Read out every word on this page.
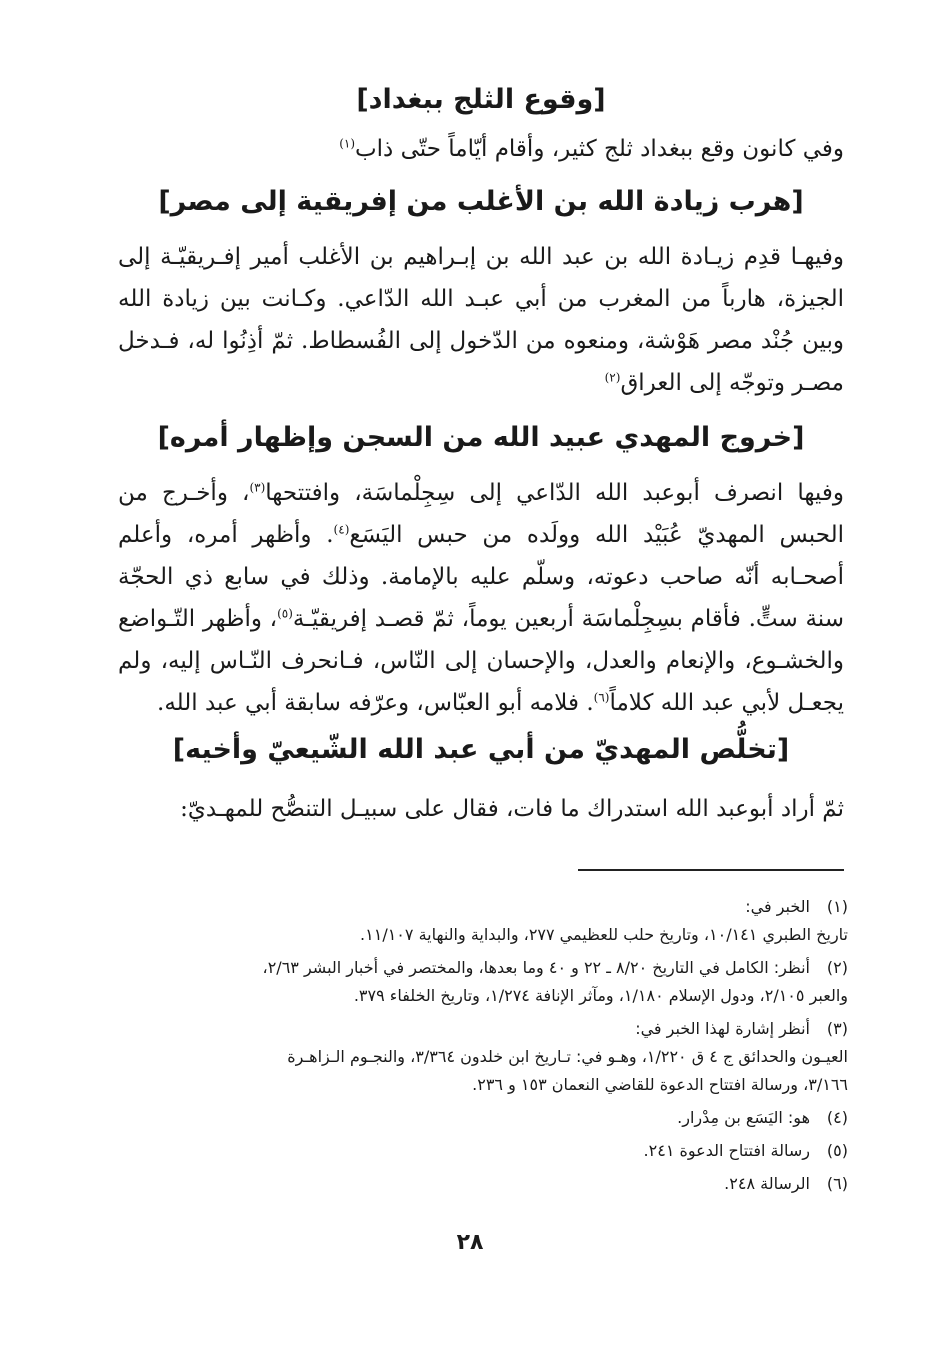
[وقوع الثلج ببغداد]

وفي كانون وقع ببغداد ثلج كثير، وأقام أيّاماً حتّى ذاب$^{(١)}$

[هرب زيادة الله بن الأغلب من إفريقية إلى مصر]

وفيهـا قدِم زيـادة الله بن عبد الله بن إبـراهيم بن الأغلب أمير إفـريقيّـة إلى الجيزة، هارباً من المغرب من أبي عبـد الله الدّاعي. وكـانت بين زيادة الله وبين جُنْد مصر هَوْشة، ومنعوه من الدّخول إلى الفُسطاط. ثمّ أذِنُوا له، فـدخل مصـر وتوجّه إلى العراق$^{(٢)}$

[خروج المهدي عبيد الله من السجن وإظهار أمره]

وفيها انصرف أبوعبد الله الدّاعي إلى سِجِلْماسَة، وافتتحها$^{(٣)}$، وأخـرج من الحبس المهديّ عُبَيْد الله وولَده من حبس اليَسَع$^{(٤)}$. وأظهر أمره، وأعلم أصحـابه أنّه صاحب دعوته، وسلّم عليه بالإمامة. وذلك في سابع ذي الحجّة سنة ستٍّ. فأقام بسِجِلْماسَة أربعين يوماً، ثمّ قصـد إفريقيّـة$^{(٥)}$، وأظهر التّـواضع والخشـوع، والإنعام والعدل، والإحسان إلى النّاس، فـانحرف النّـاس إليه، ولم يجعـل لأبي عبد الله كلاماً$^{(٦)}$. فلامه أبو العبّاس، وعرّفه سابقة أبي عبد الله.

[تخلُّص المهديّ من أبي عبد الله الشّيعيّ وأخيه]

ثمّ أراد أبوعبد الله استدراك ما فات، فقال على سبيـل التنصُّح للمهـديّ:

(١)
الخبر في:
تاريخ الطبري ١٠/١٤١، وتاريخ حلب للعظيمي ٢٧٧، والبداية والنهاية ١١/١٠٧.
(٢)
أنظر: الكامل في التاريخ ٨/٢٠ ـ ٢٢ و ٤٠ وما بعدها، والمختصر في أخبار البشر ٢/٦٣،
والعبر ٢/١٠٥، ودول الإسلام ١/١٨٠، ومآثر الإنافة ١/٢٧٤، وتاريخ الخلفاء ٣٧٩.
(٣)
أنظر إشارة لهذا الخبر في:
العيـون والحدائق ج ٤ ق ١/٢٢٠، وهـو في: تـاريخ ابن خلدون ٣/٣٦٤، والنجـوم الـزاهـرة
٣/١٦٦، ورسالة افتتاح الدعوة للقاضي النعمان ١٥٣ و ٢٣٦.
(٤)
هو: اليَسَع بن مِدْرار.
(٥)
رسالة افتتاح الدعوة ٢٤١.
(٦)
الرسالة ٢٤٨.
٢٨
